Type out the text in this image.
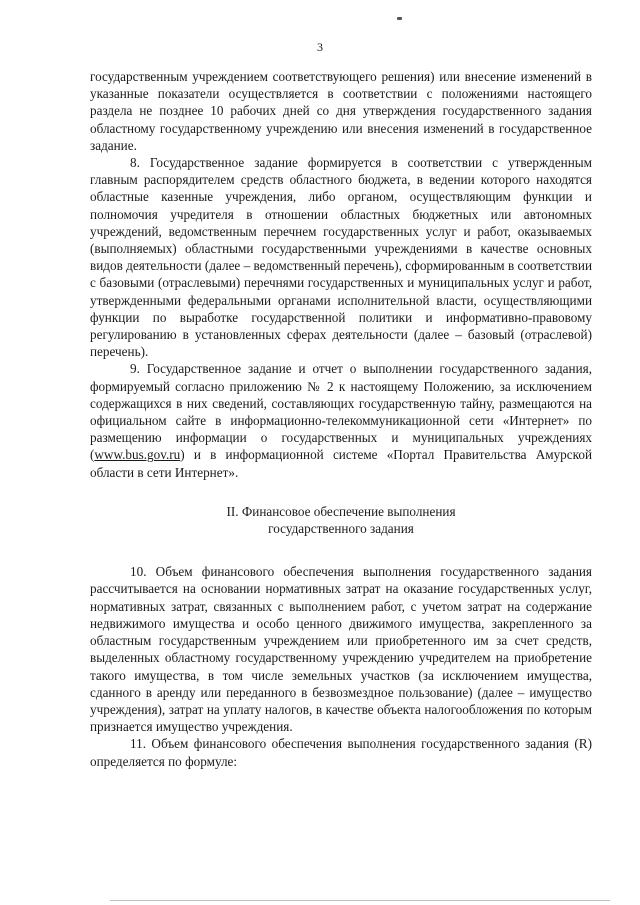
3

государственным учреждением соответствующего решения) или внесение изменений в указанные показатели осуществляется в соответствии с положениями настоящего раздела не позднее 10 рабочих дней со дня утверждения государственного задания областному государственному учреждению или внесения изменений в государственное задание.

8. Государственное задание формируется в соответствии с утвержденным главным распорядителем средств областного бюджета, в ведении которого находятся областные казенные учреждения, либо органом, осуществляющим функции и полномочия учредителя в отношении областных бюджетных или автономных учреждений, ведомственным перечнем государственных услуг и работ, оказываемых (выполняемых) областными государственными учреждениями в качестве основных видов деятельности (далее – ведомственный перечень), сформированным в соответствии с базовыми (отраслевыми) перечнями государственных и муниципальных услуг и работ, утвержденными федеральными органами исполнительной власти, осуществляющими функции по выработке государственной политики и информативно-правовому регулированию в установленных сферах деятельности (далее – базовый (отраслевой) перечень).

9. Государственное задание и отчет о выполнении государственного задания, формируемый согласно приложению № 2 к настоящему Положению, за исключением содержащихся в них сведений, составляющих государственную тайну, размещаются на официальном сайте в информационно-телекоммуникационной сети «Интернет» по размещению информации о государственных и муниципальных учреждениях (www.bus.gov.ru) и в информационной системе «Портал Правительства Амурской области в сети Интернет».

II. Финансовое обеспечение выполнения
государственного задания

10. Объем финансового обеспечения выполнения государственного задания рассчитывается на основании нормативных затрат на оказание государственных услуг, нормативных затрат, связанных с выполнением работ, с учетом затрат на содержание недвижимого имущества и особо ценного движимого имущества, закрепленного за областным государственным учреждением или приобретенного им за счет средств, выделенных областному государственному учреждению учредителем на приобретение такого имущества, в том числе земельных участков (за исключением имущества, сданного в аренду или переданного в безвозмездное пользование) (далее – имущество учреждения), затрат на уплату налогов, в качестве объекта налогообложения по которым признается имущество учреждения.

11. Объем финансового обеспечения выполнения государственного задания (R) определяется по формуле:
